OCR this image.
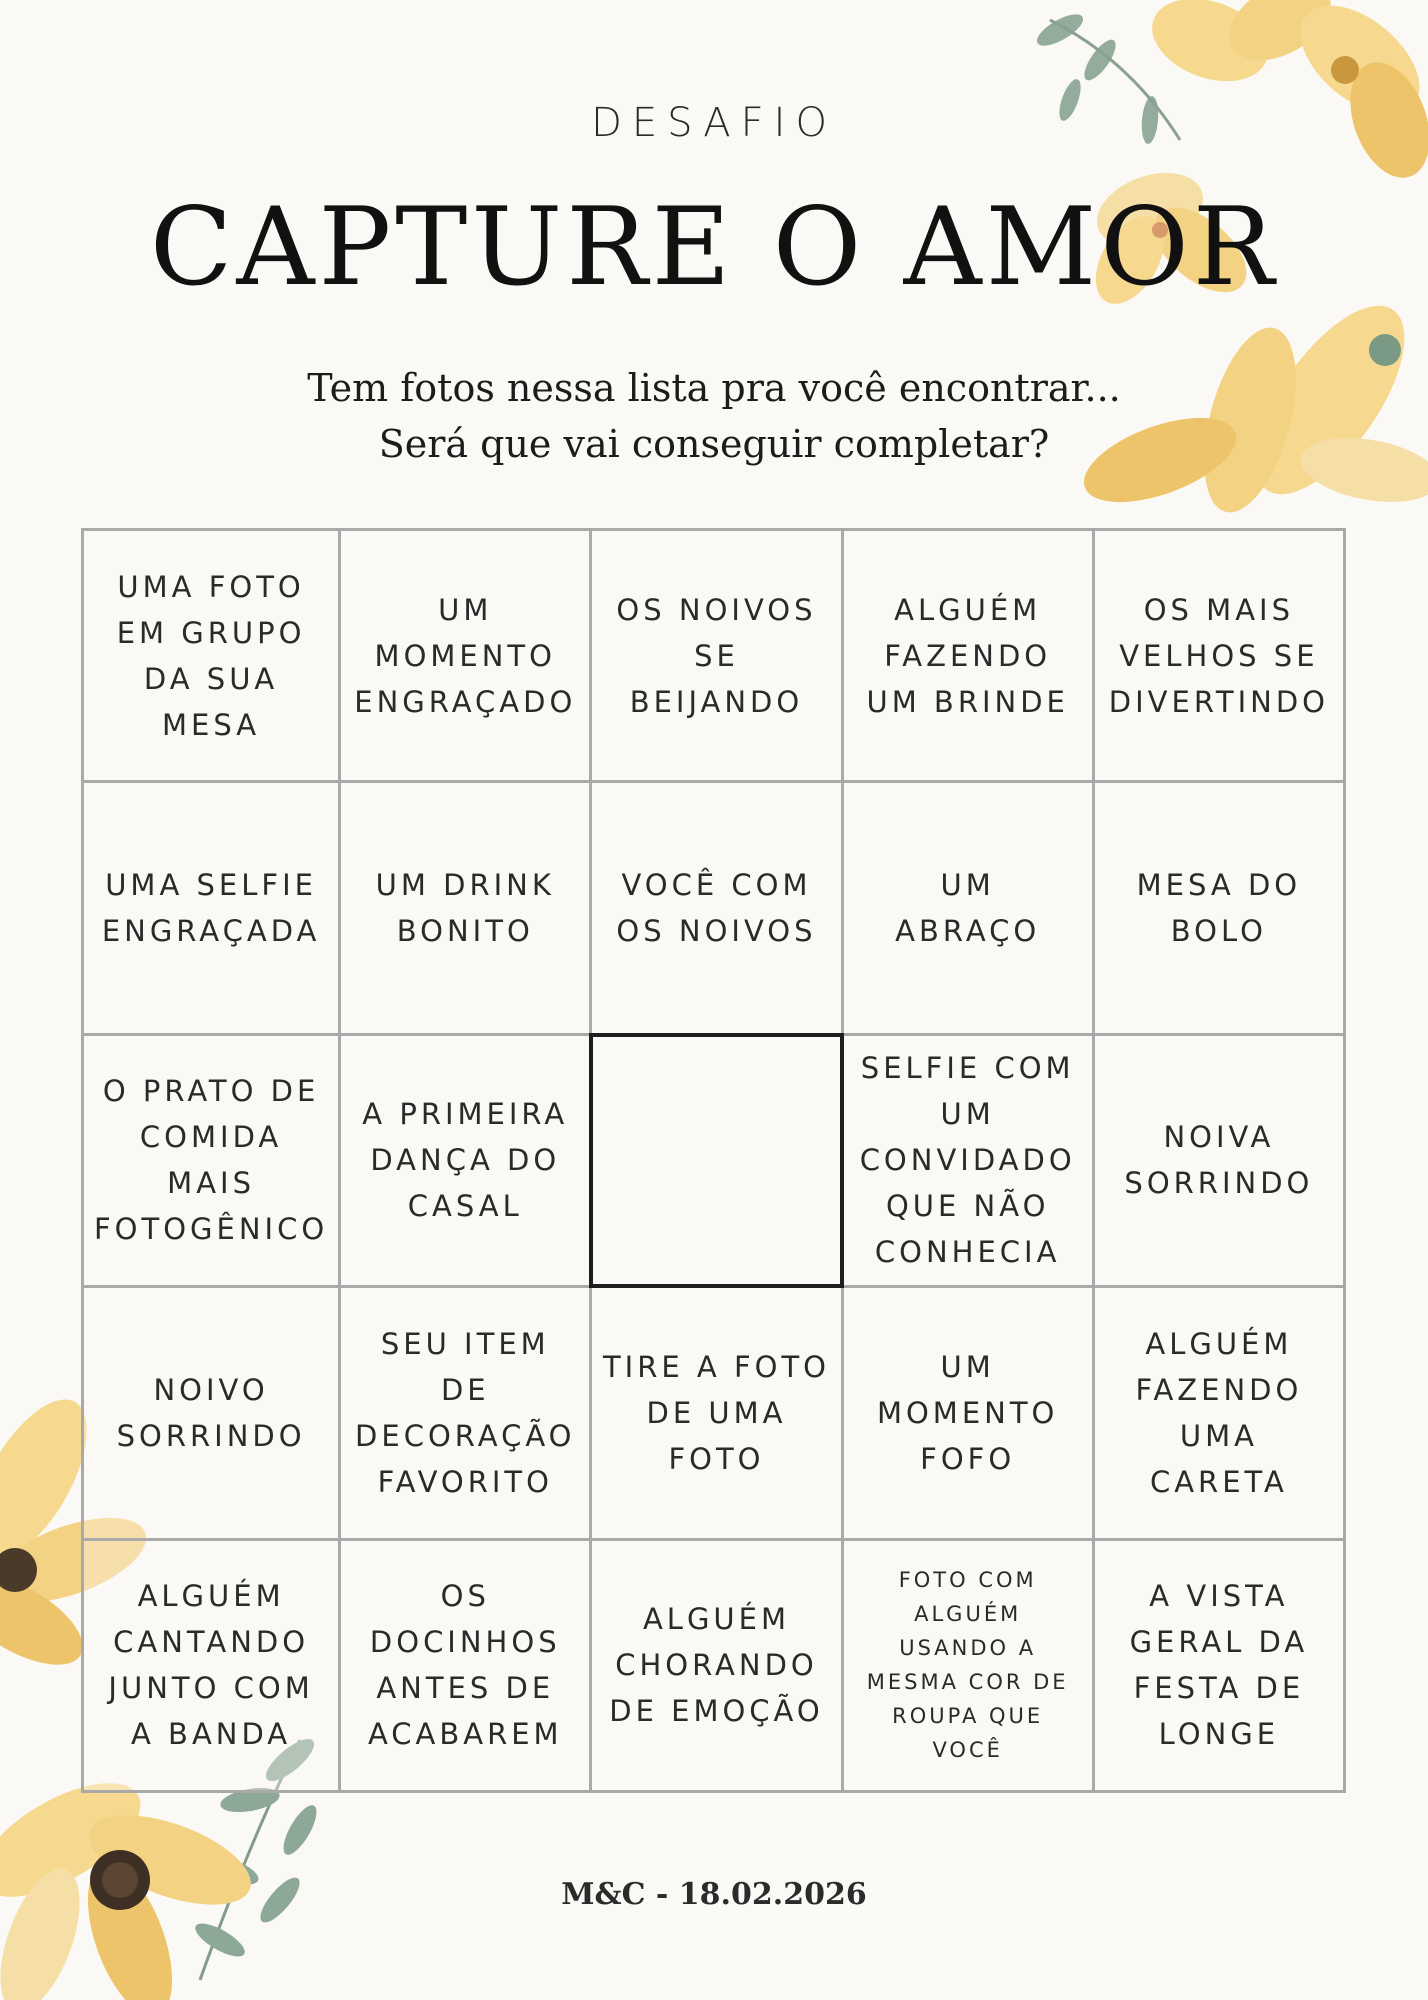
DESAFIO
CAPTURE O AMOR
Tem fotos nessa lista pra você encontrar...
Será que vai conseguir completar?
UMA FOTO
EM GRUPO
DA SUA
MESA
UM
MOMENTO
ENGRAÇADO
OS NOIVOS
SE
BEIJANDO
ALGUÉM
FAZENDO
UM BRINDE
OS MAIS
VELHOS SE
DIVERTINDO
UMA SELFIE
ENGRAÇADA
UM DRINK
BONITO
VOCÊ COM
OS NOIVOS
UM
ABRAÇO
MESA DO
BOLO
O PRATO DE
COMIDA
MAIS
FOTOGÊNICO
A PRIMEIRA
DANÇA DO
CASAL
SELFIE COM
UM
CONVIDADO
QUE NÃO
CONHECIA
NOIVA
SORRINDO
NOIVO
SORRINDO
SEU ITEM DE
DECORAÇÃO
FAVORITO
TIRE A FOTO
DE UMA
FOTO
UM
MOMENTO
FOFO
ALGUÉM
FAZENDO
UMA
CARETA
ALGUÉM
CANTANDO
JUNTO COM
A BANDA
OS
DOCINHOS
ANTES DE
ACABAREM
ALGUÉM
CHORANDO
DE EMOÇÃO
FOTO COM
ALGUÉM
USANDO A
MESMA COR DE
ROUPA QUE
VOCÊ
A VISTA
GERAL DA
FESTA DE
LONGE
M&C - 18.02.2026
